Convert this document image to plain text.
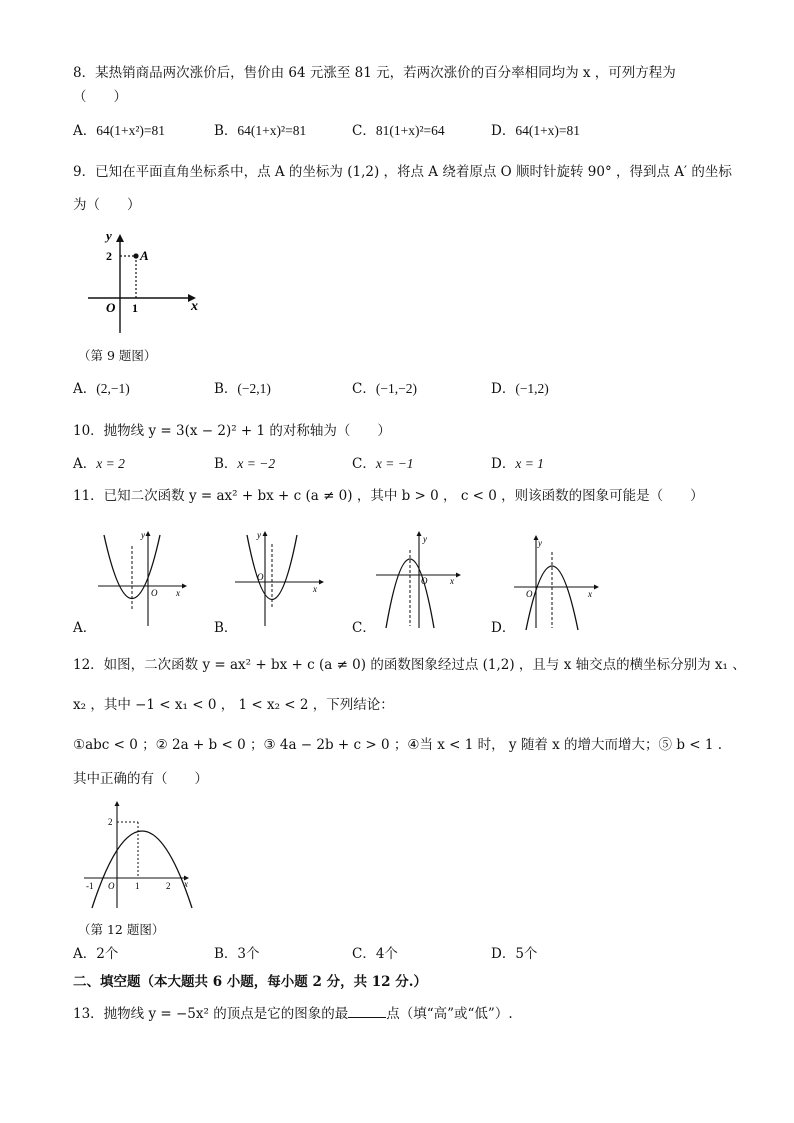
8．某热销商品两次涨价后，售价由 64 元涨至 81 元，若两次涨价的百分率相同均为 x ，可列方程为
（　　）
A．64(1+x²)=81	B．64(1+x)²=81	C．81(1+x)²=64	D．64(1+x)=81
9．已知在平面直角坐标系中，点 A 的坐标为 (1,2) ，将点 A 绕着原点 O 顺时针旋转 90° ，得到点 A′ 的坐标
为（　　）
y
x
O
A
1
2
（第 9 题图）
A．(2,−1)	B．(−2,1)	C．(−1,−2)	D．(−1,2)
10．抛物线 y = 3(x − 2)² + 1 的对称轴为（　　）
A．x = 2	B．x = −2	C．x = −1	D．x = 1
11．已知二次函数 y = ax² + bx + c (a ≠ 0) ，其中 b > 0 ， c < 0 ，则该函数的图象可能是（　　）
y
x
O
y
x
O
y
x
O
y
x
O
A．	B．	C．	D．
12．如图，二次函数 y = ax² + bx + c (a ≠ 0) 的函数图象经过点 (1,2) ，且与 x 轴交点的横坐标分别为 x₁ 、
x₂ ，其中 −1 < x₁ < 0 ， 1 < x₂ < 2 ，下列结论：
①abc < 0 ；② 2a + b < 0 ；③ 4a − 2b + c > 0 ；④当 x < 1 时， y 随着 x 的增大而增大；⑤ b < 1 .
其中正确的有（　　）
2
-1 O 1	2 x
（第 12 题图）
A．2个	B．3个	C．4个	D．5个
二、填空题（本大题共 6 小题，每小题 2 分，共 12 分.）
13．抛物线 y = −5x² 的顶点是它的图象的最	点（填“高”或“低”）.
